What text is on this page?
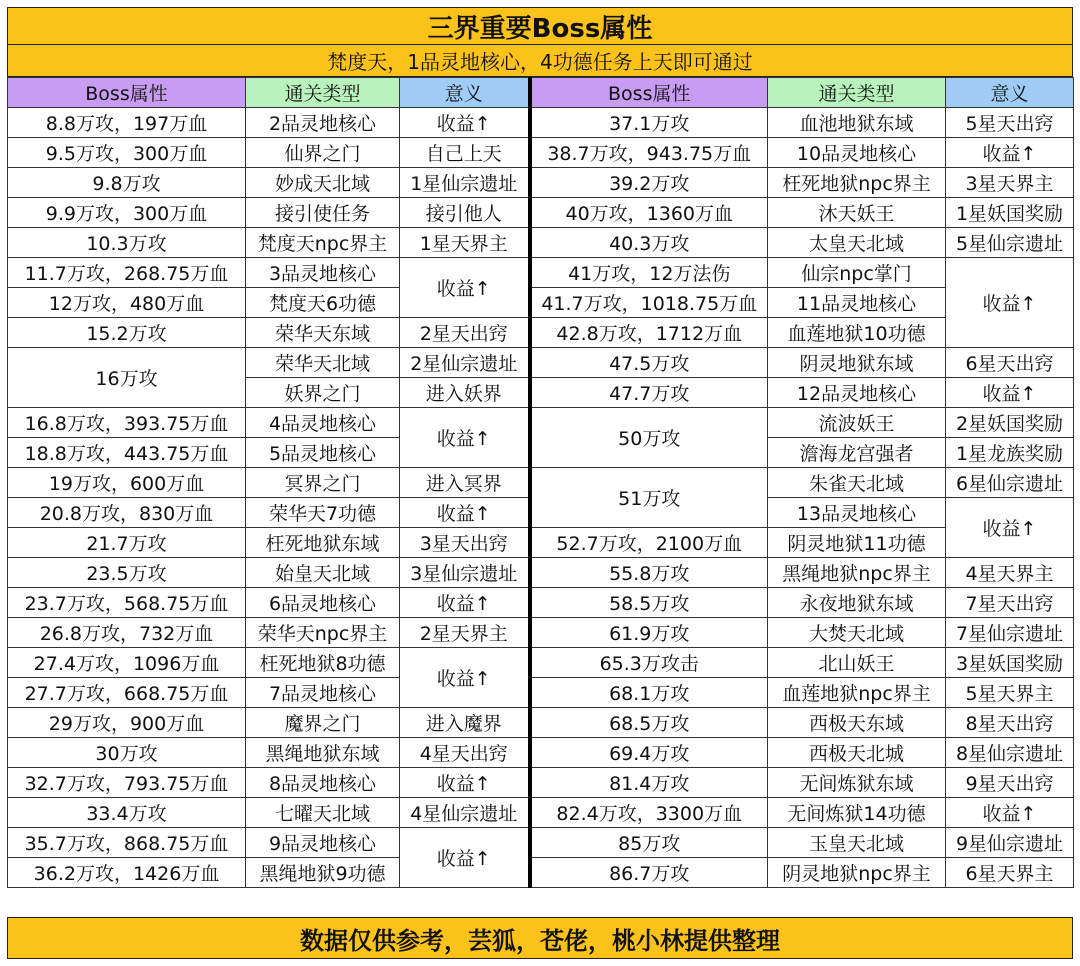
三界重要Boss属性
梵度天，1品灵地核心，4功德任务上天即可通过
Boss属性	通关类型	意义	Boss属性	通关类型	意义
8.8万攻，197万血	2品灵地核心	收益↑	37.1万攻	血池地狱东域	5星天出窍
9.5万攻，300万血	仙界之门	自己上天	38.7万攻，943.75万血	10品灵地核心	收益↑
9.8万攻	妙成天北域	1星仙宗遗址	39.2万攻	枉死地狱npc界主	3星天界主
9.9万攻，300万血	接引使任务	接引他人	40万攻，1360万血	沐天妖王	1星妖国奖励
10.3万攻	梵度天npc界主	1星天界主	40.3万攻	太皇天北域	5星仙宗遗址
11.7万攻，268.75万血	3品灵地核心	收益↑	41万攻，12万法伤	仙宗npc掌门	收益↑
12万攻，480万血	梵度天6功德		41.7万攻，1018.75万血	11品灵地核心	
15.2万攻	荣华天东域	2星天出窍	42.8万攻，1712万血	血莲地狱10功德	
16万攻	荣华天北域	2星仙宗遗址	47.5万攻	阴灵地狱东域	6星天出窍
	妖界之门	进入妖界	47.7万攻	12品灵地核心	收益↑
16.8万攻，393.75万血	4品灵地核心	收益↑	50万攻	流波妖王	2星妖国奖励
18.8万攻，443.75万血	5品灵地核心			澹海龙宫强者	1星龙族奖励
19万攻，600万血	冥界之门	进入冥界	51万攻	朱雀天北域	6星仙宗遗址
20.8万攻，830万血	荣华天7功德	收益↑		13品灵地核心	收益↑
21.7万攻	枉死地狱东域	3星天出窍	52.7万攻，2100万血	阴灵地狱11功德	
23.5万攻	始皇天北域	3星仙宗遗址	55.8万攻	黑绳地狱npc界主	4星天界主
23.7万攻，568.75万血	6品灵地核心	收益↑	58.5万攻	永夜地狱东域	7星天出窍
26.8万攻，732万血	荣华天npc界主	2星天界主	61.9万攻	大焚天北域	7星仙宗遗址
27.4万攻，1096万血	枉死地狱8功德	收益↑	65.3万攻击	北山妖王	3星妖国奖励
27.7万攻，668.75万血	7品灵地核心		68.1万攻	血莲地狱npc界主	5星天界主
29万攻，900万血	魔界之门	进入魔界	68.5万攻	西极天东域	8星天出窍
30万攻	黑绳地狱东域	4星天出窍	69.4万攻	西极天北城	8星仙宗遗址
32.7万攻，793.75万血	8品灵地核心	收益↑	81.4万攻	无间炼狱东域	9星天出窍
33.4万攻	七曜天北域	4星仙宗遗址	82.4万攻，3300万血	无间炼狱14功德	收益↑
35.7万攻，868.75万血	9品灵地核心	收益↑	85万攻	玉皇天北域	9星仙宗遗址
36.2万攻，1426万血	黑绳地狱9功德		86.7万攻	阴灵地狱npc界主	6星天界主
数据仅供参考，芸狐，苍佬，桃小林提供整理
